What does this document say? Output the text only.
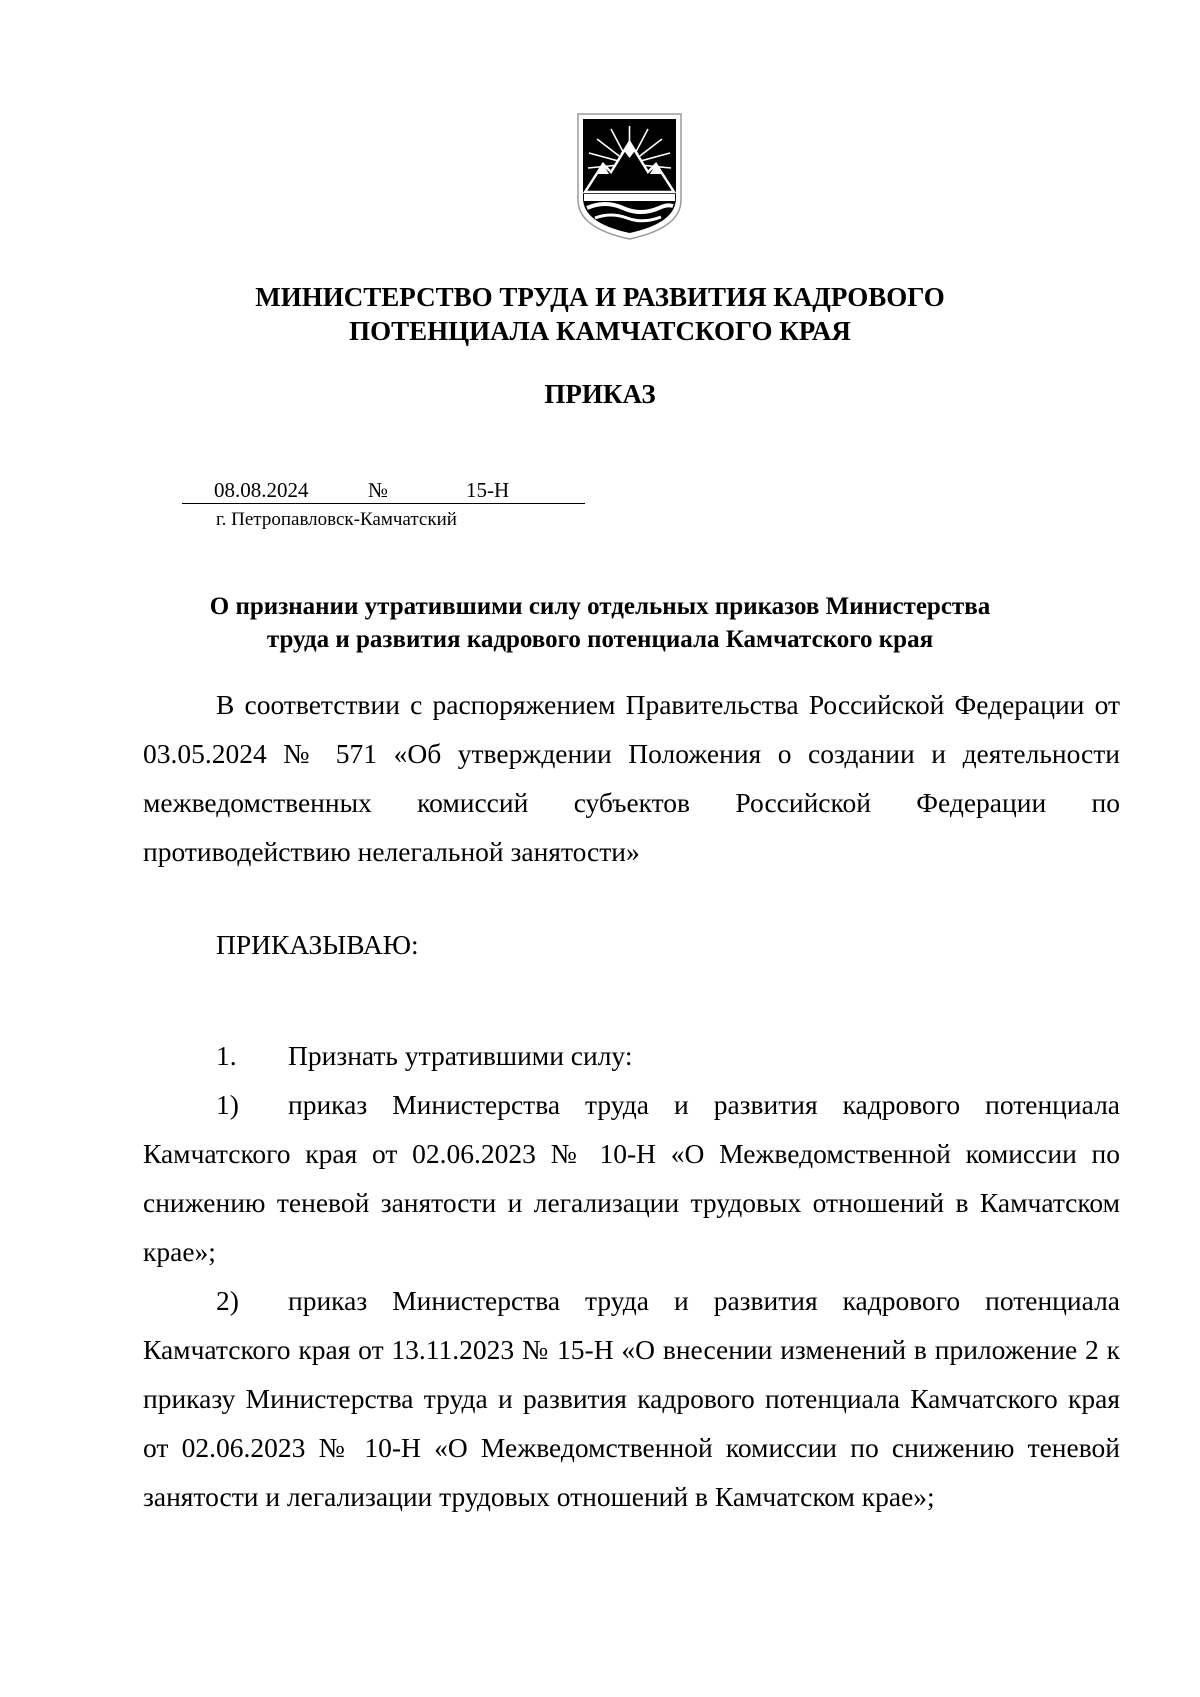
МИНИСТЕРСТВО ТРУДА И РАЗВИТИЯ КАДРОВОГО
ПОТЕНЦИАЛА КАМЧАТСКОГО КРАЯ
ПРИКАЗ
08.08.2024	№	15-Н
г. Петропавловск-Камчатский
О признании утратившими силу отдельных приказов Министерства
труда и развития кадрового потенциала Камчатского края
В соответствии с распоряжением Правительства Российской Федерации от 03.05.2024 № 571 «Об утверждении Положения о создании и деятельности межведомственных комиссий субъектов Российской Федерации по противодействию нелегальной занятости»
ПРИКАЗЫВАЮ:
1. Признать утратившими силу:
1) приказ Министерства труда и развития кадрового потенциала Камчатского края от 02.06.2023 № 10-Н «О Межведомственной комиссии по снижению теневой занятости и легализации трудовых отношений в Камчатском крае»;
2) приказ Министерства труда и развития кадрового потенциала Камчатского края от 13.11.2023 № 15-Н «О внесении изменений в приложение 2 к приказу Министерства труда и развития кадрового потенциала Камчатского края от 02.06.2023 № 10-Н «О Межведомственной комиссии по снижению теневой занятости и легализации трудовых отношений в Камчатском крае»;
